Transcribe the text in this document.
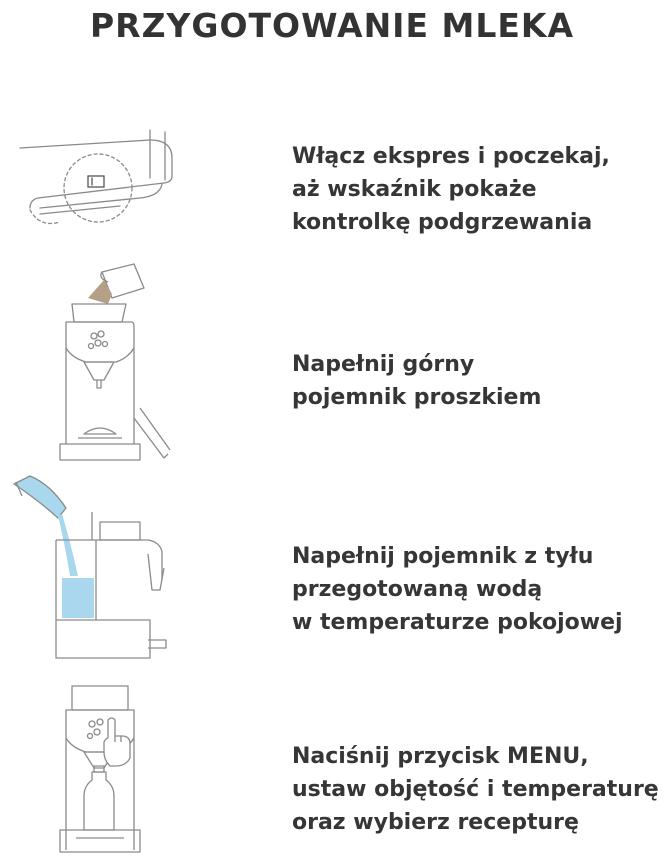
PRZYGOTOWANIE MLEKA
Włącz ekspres i poczekaj,
aż wskaźnik pokaże
kontrolkę podgrzewania
Napełnij górny
pojemnik proszkiem
Napełnij pojemnik z tyłu
przegotowaną wodą
w temperaturze pokojowej
Naciśnij przycisk MENU,
ustaw objętość i temperaturę
oraz wybierz recepturę
